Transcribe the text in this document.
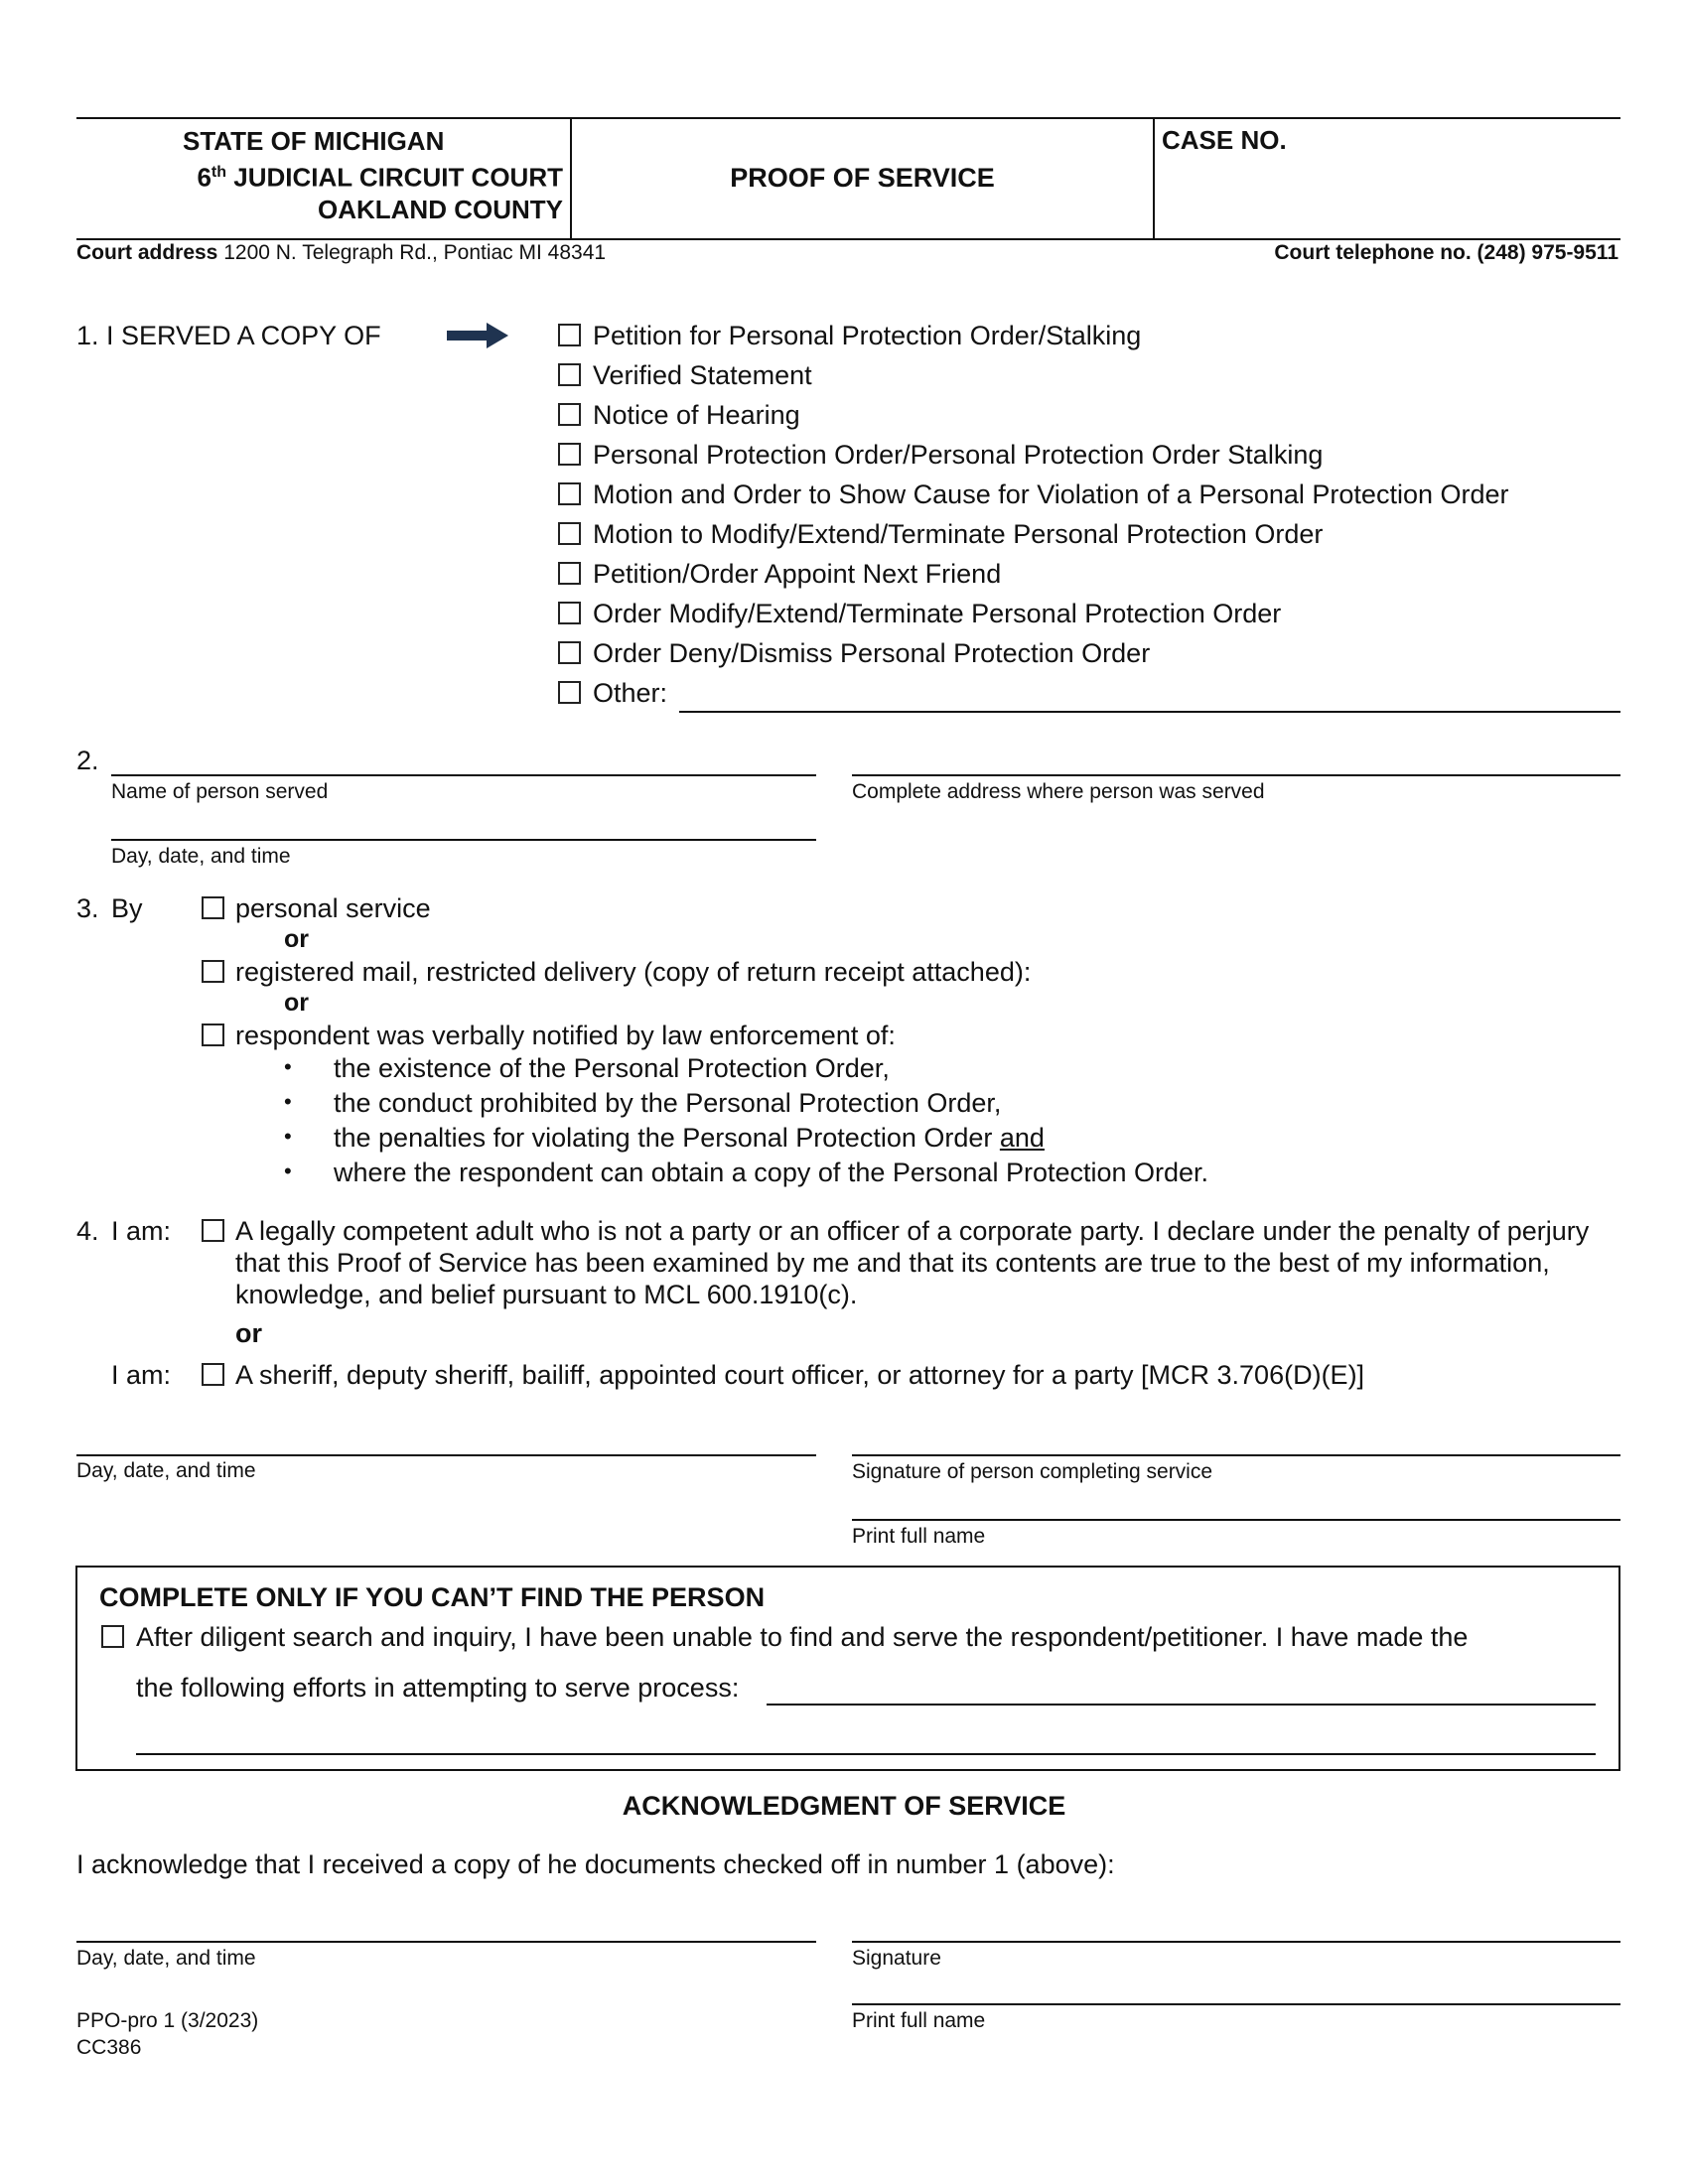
STATE OF MICHIGAN
6th JUDICIAL CIRCUIT COURT
OAKLAND COUNTY
PROOF OF SERVICE
CASE NO.
Court address 1200 N. Telegraph Rd., Pontiac MI 48341	Court telephone no. (248) 975-9511
1. I SERVED A COPY OF	Petition for Personal Protection Order/Stalking
Verified Statement
Notice of Hearing
Personal Protection Order/Personal Protection Order Stalking
Motion and Order to Show Cause for Violation of a Personal Protection Order
Motion to Modify/Extend/Terminate Personal Protection Order
Petition/Order Appoint Next Friend
Order Modify/Extend/Terminate Personal Protection Order
Order Deny/Dismiss Personal Protection Order
Other:
2.
Name of person served	Complete address where person was served
Day, date, and time
3. By	personal service
or
registered mail, restricted delivery (copy of return receipt attached):
or
respondent was verbally notified by law enforcement of:
• the existence of the Personal Protection Order,
• the conduct prohibited by the Personal Protection Order,
• the penalties for violating the Personal Protection Order and
• where the respondent can obtain a copy of the Personal Protection Order.
4. I am: A legally competent adult who is not a party or an officer of a corporate party. I declare under the penalty of perjury
that this Proof of Service has been examined by me and that its contents are true to the best of my information,
knowledge, and belief pursuant to MCL 600.1910(c).
or
I am: A sheriff, deputy sheriff, bailiff, appointed court officer, or attorney for a party [MCR 3.706(D)(E)]
Day, date, and time	Signature of person completing service
Print full name
COMPLETE ONLY IF YOU CAN’T FIND THE PERSON
After diligent search and inquiry, I have been unable to find and serve the respondent/petitioner. I have made the
the following efforts in attempting to serve process:
ACKNOWLEDGMENT OF SERVICE
I acknowledge that I received a copy of he documents checked off in number 1 (above):
Day, date, and time	Signature
Print full name
PPO-pro 1 (3/2023)
CC386
